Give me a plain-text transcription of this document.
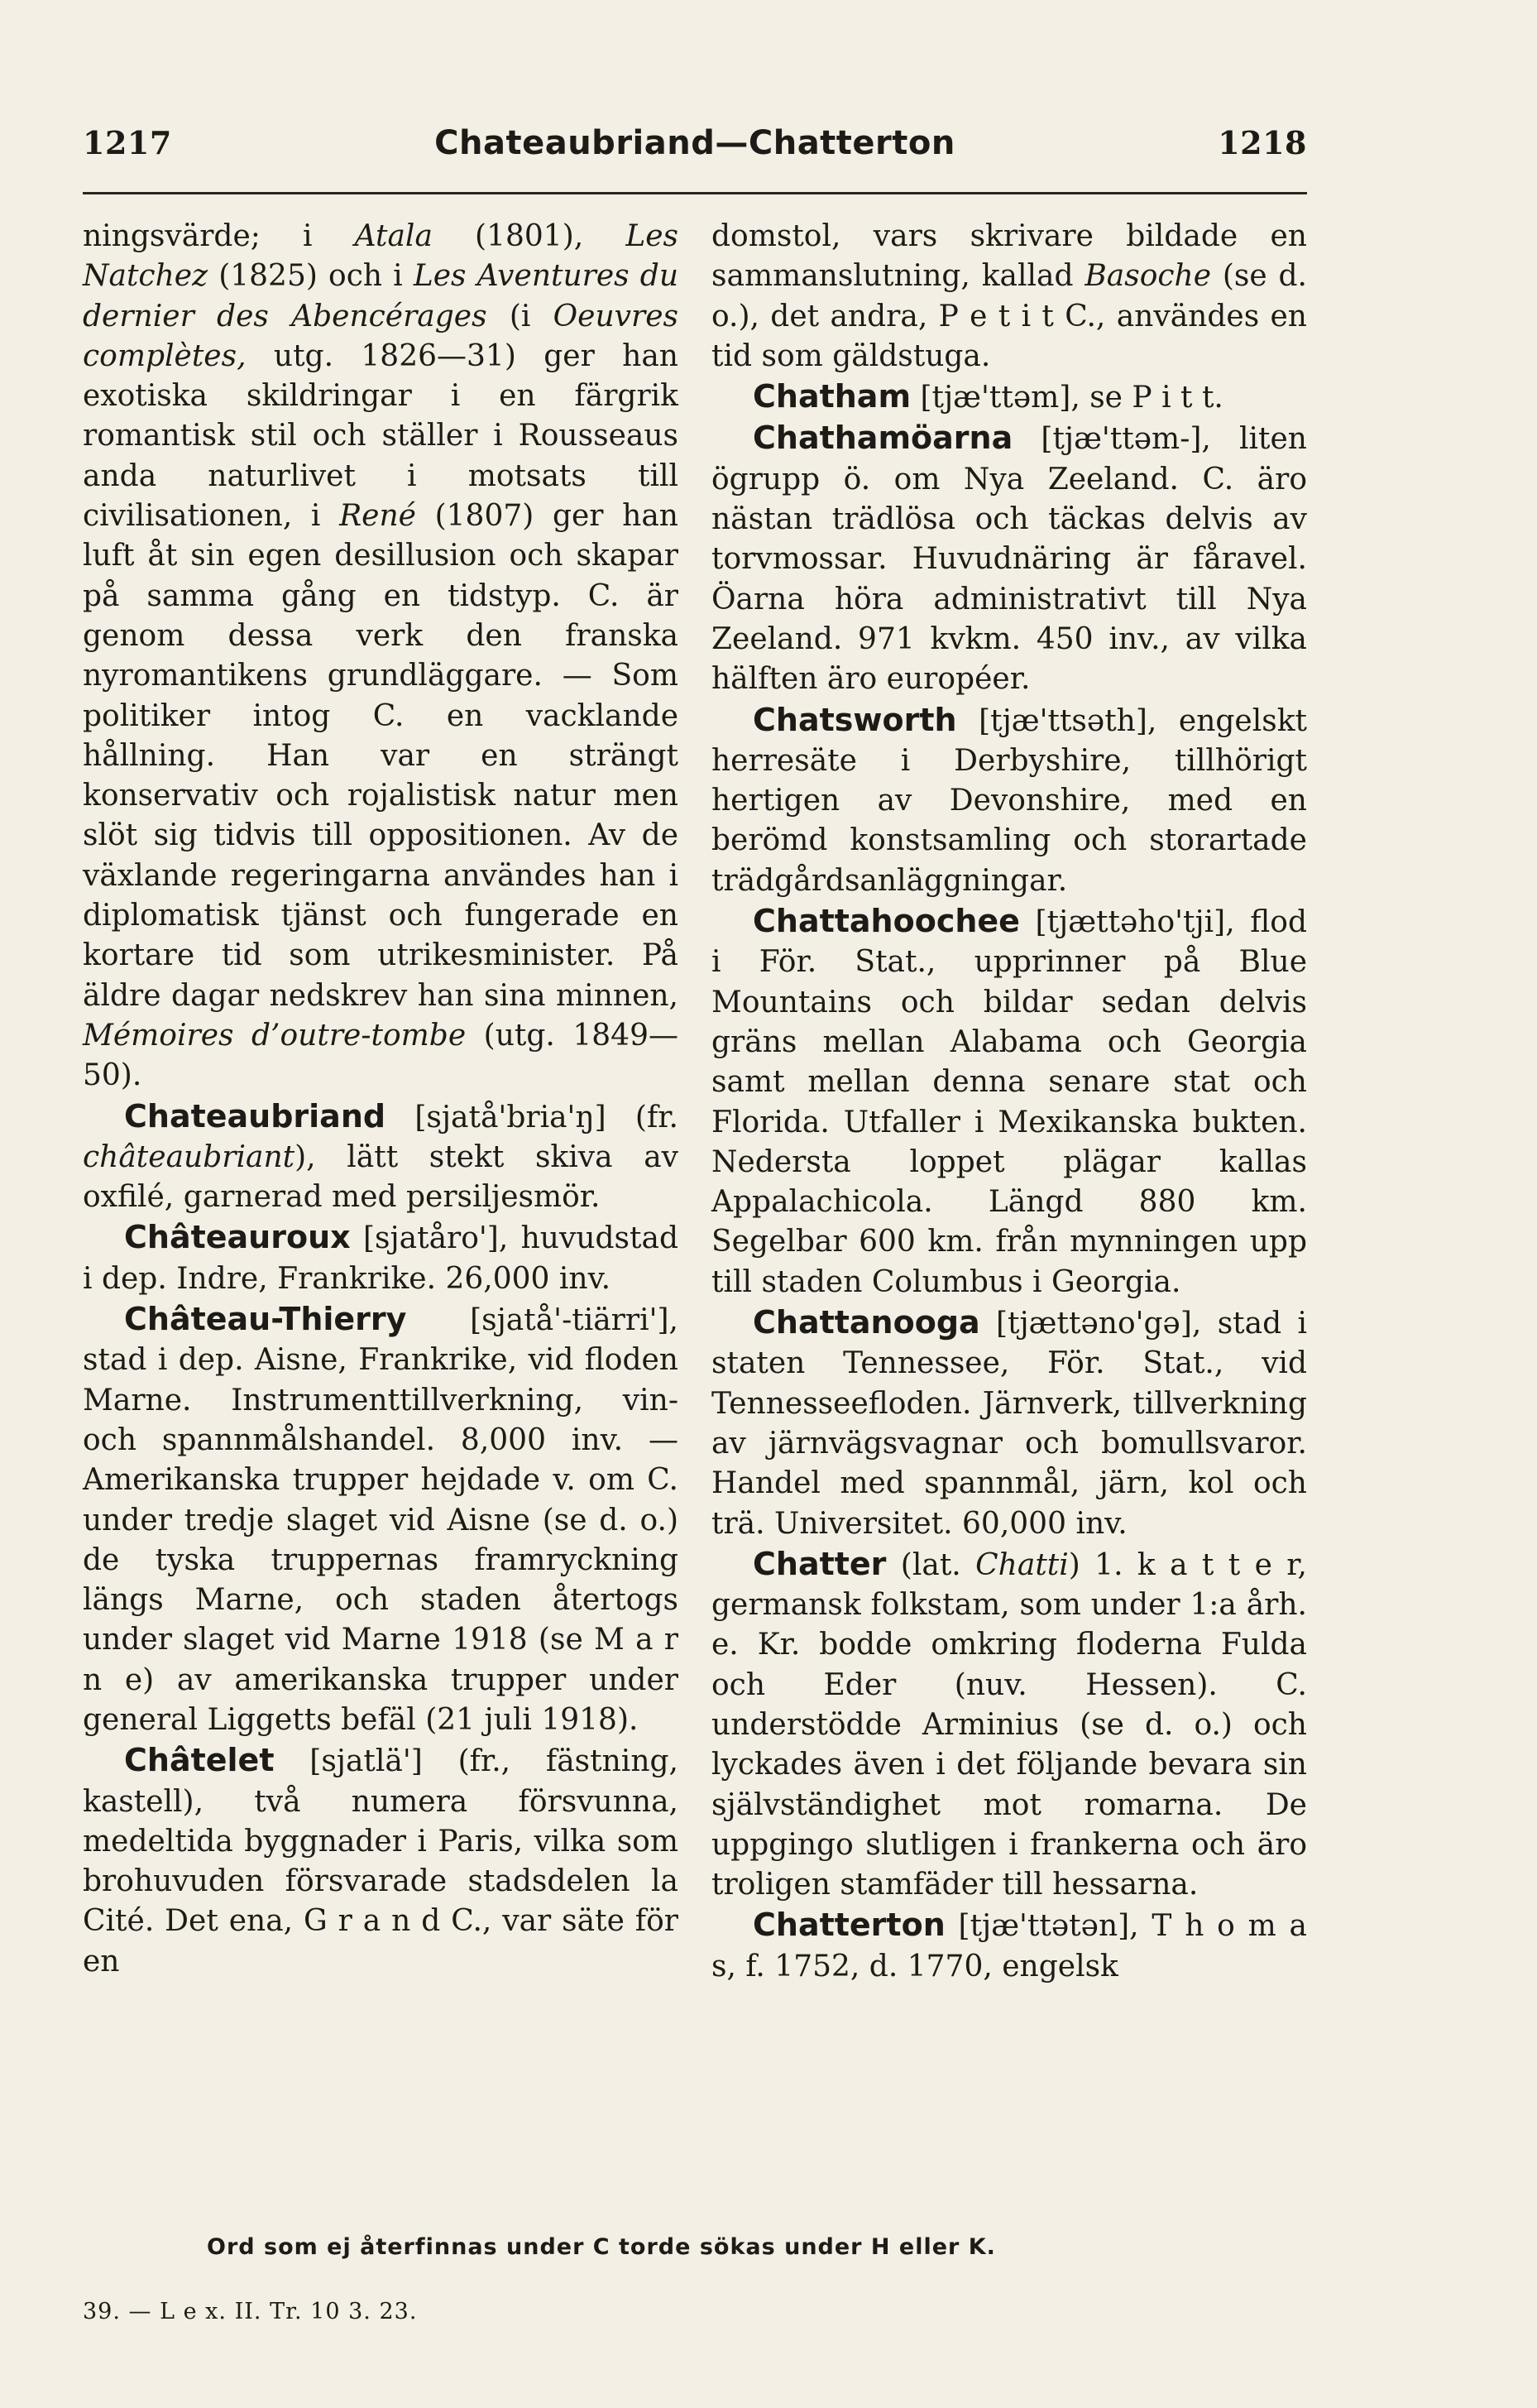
1217	Chateaubriand—Chatterton	1218

ningsvärde; i Atala (1801), Les Natchez (1825) och i Les Aventures du dernier des Abencérages (i Oeuvres complètes, utg. 1826—31) ger han exotiska skildringar i en färgrik romantisk stil och ställer i Rousseaus anda naturlivet i motsats till civilisationen, i René (1807) ger han luft åt sin egen desillusion och skapar på samma gång en tidstyp. C. är genom dessa verk den franska nyromantikens grundläggare. — Som politiker intog C. en vacklande hållning. Han var en strängt konservativ och rojalistisk natur men slöt sig tidvis till oppositionen. Av de växlande regeringarna användes han i diplomatisk tjänst och fungerade en kortare tid som utrikesminister. På äldre dagar nedskrev han sina minnen, Mémoires d’outre-tombe (utg. 1849—50).

Chateaubriand [sjatå'bria'ŋ] (fr. châteaubriant), lätt stekt skiva av oxfilé, garnerad med persiljesmör.

Châteauroux [sjatåro'], huvudstad i dep. Indre, Frankrike. 26,000 inv.

Château-Thierry [sjatå'-tiärri'], stad i dep. Aisne, Frankrike, vid floden Marne. Instrumenttillverkning, vin- och spannmålshandel. 8,000 inv. — Amerikanska trupper hejdade v. om C. under tredje slaget vid Aisne (se d. o.) de tyska truppernas framryckning längs Marne, och staden återtogs under slaget vid Marne 1918 (se M a r n e) av amerikanska trupper under general Liggetts befäl (21 juli 1918).

Châtelet [sjatlä'] (fr., fästning, kastell), två numera försvunna, medeltida byggnader i Paris, vilka som brohuvuden försvarade stadsdelen la Cité. Det ena, G r a n d C., var säte för en

domstol, vars skrivare bildade en sammanslutning, kallad Basoche (se d. o.), det andra, P e t i t C., användes en tid som gäldstuga.

Chatham [tjæ'ttəm], se P i t t.

Chathamöarna [tjæ'ttəm-], liten ögrupp ö. om Nya Zeeland. C. äro nästan trädlösa och täckas delvis av torvmossar. Huvudnäring är fåravel. Öarna höra administrativt till Nya Zeeland. 971 kvkm. 450 inv., av vilka hälften äro européer.

Chatsworth [tjæ'ttsəth], engelskt herresäte i Derbyshire, tillhörigt hertigen av Devonshire, med en berömd konstsamling och storartade trädgårdsanläggningar.

Chattahoochee [tjættəho'tji], flod i För. Stat., upprinner på Blue Mountains och bildar sedan delvis gräns mellan Alabama och Georgia samt mellan denna senare stat och Florida. Utfaller i Mexikanska bukten. Nedersta loppet plägar kallas Appalachicola. Längd 880 km. Segelbar 600 km. från mynningen upp till staden Columbus i Georgia.

Chattanooga [tjættəno'gə], stad i staten Tennessee, För. Stat., vid Tennesseefloden. Järnverk, tillverkning av järnvägsvagnar och bomullsvaror. Handel med spannmål, järn, kol och trä. Universitet. 60,000 inv.

Chatter (lat. Chatti) 1. k a t t e r, germansk folkstam, som under 1:a årh. e. Kr. bodde omkring floderna Fulda och Eder (nuv. Hessen). C. understödde Arminius (se d. o.) och lyckades även i det följande bevara sin självständighet mot romarna. De uppgingo slutligen i frankerna och äro troligen stamfäder till hessarna.

Chatterton [tjæ'ttətən], T h o m a s, f. 1752, d. 1770, engelsk

Ord som ej återfinnas under C torde sökas under H eller K.
39. — L e x. II. Tr. 10 3. 23.
